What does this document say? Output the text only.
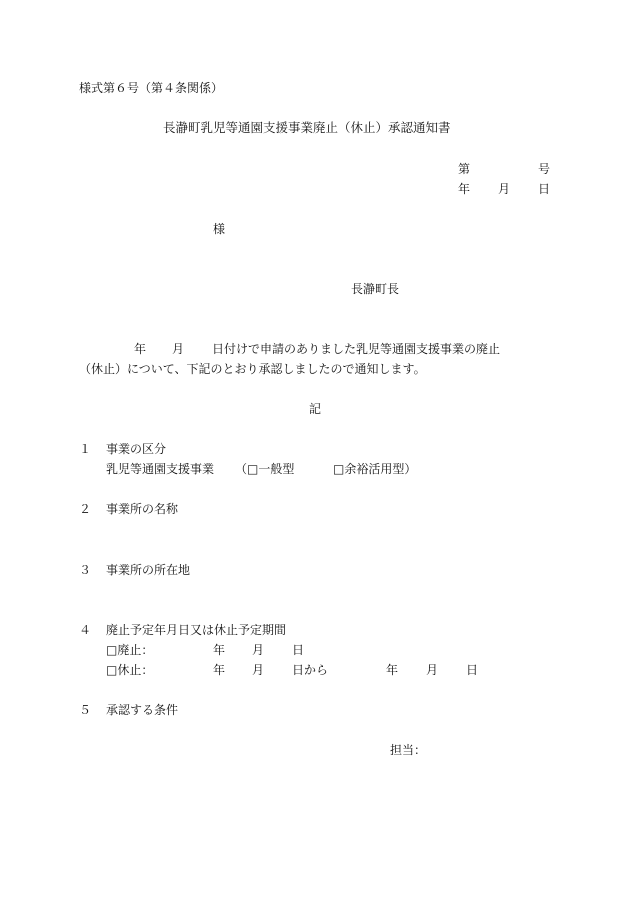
様式第６号（第４条関係）
長瀞町乳児等通園支援事業廃止（休止）承認通知書
第	号
年 月 日
様
長瀞町長
年 月 日付けで申請のありました乳児等通園支援事業の廃止
（休止）について、下記のとおり承認しましたので通知します。
記
１ 事業の区分
乳児等通園支援事業 （□一般型	□余裕活用型）
２ 事業所の名称
３ 事業所の所在地
４ 廃止予定年月日又は休止予定期間
□廃止：	年 月 日
□休止：	年 月 日から	年 月 日
５ 承認する条件
担当：
